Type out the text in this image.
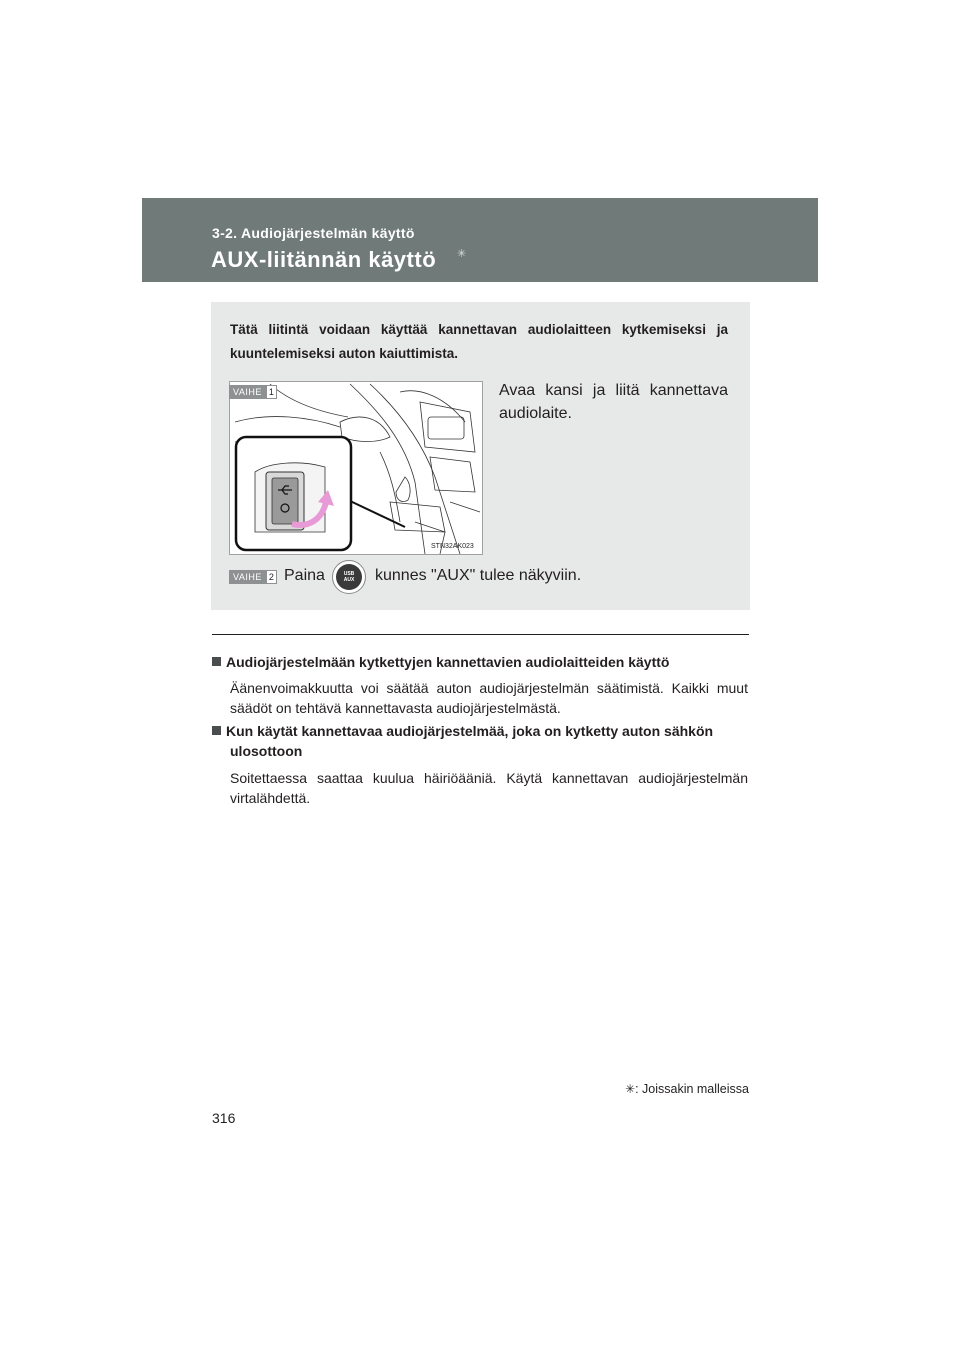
3-2. Audiojärjestelmän käyttö
AUX-liitännän käyttö ✳
Tätä liitintä voidaan käyttää kannettavan audiolaitteen kytkemiseksi ja kuuntelemiseksi auton kaiuttimista.
VAIHE 1	Avaa kansi ja liitä kannettava audiolaite.
STN32AK023
VAIHE 2 Paina	USB
AUX kunnes "AUX" tulee näkyviin.
Audiojärjestelmään kytkettyjen kannettavien audiolaitteiden käyttö
Äänenvoimakkuutta voi säätää auton audiojärjestelmän säätimistä. Kaikki muut säädöt on tehtävä kannettavasta audiojärjestelmästä.
Kun käytät kannettavaa audiojärjestelmää, joka on kytketty auton sähkön
ulosottoon
Soitettaessa saattaa kuulua häiriöääniä. Käytä kannettavan audiojärjestelmän virtalähdettä.
✳: Joissakin malleissa
316
